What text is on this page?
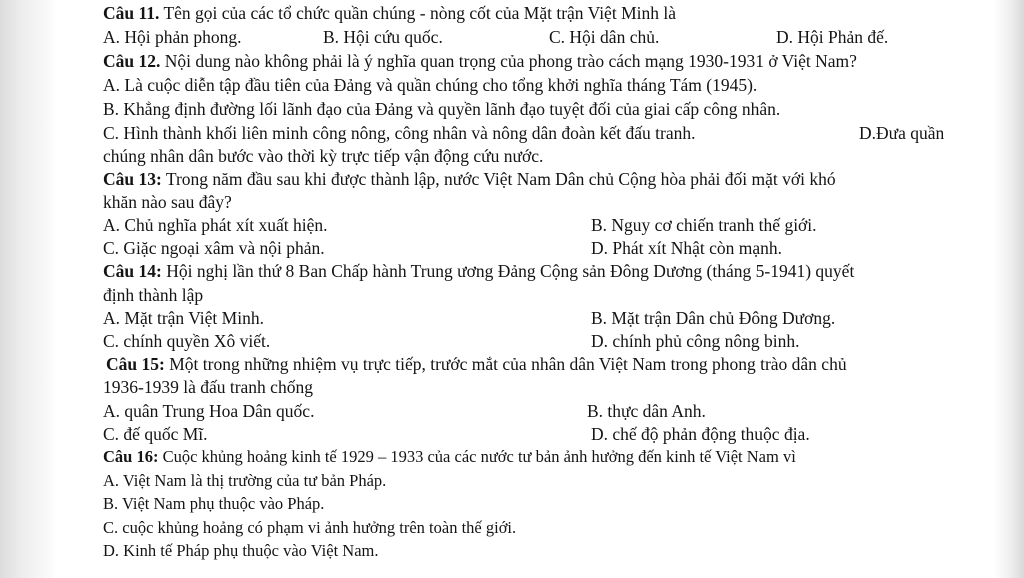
Câu 11. Tên gọi của các tổ chức quần chúng - nòng cốt của Mặt trận Việt Minh là
A. Hội phản phong.	B. Hội cứu quốc.	C. Hội dân chủ.	D. Hội Phản đế.
Câu 12. Nội dung nào không phải là ý nghĩa quan trọng của phong trào cách mạng 1930-1931 ở Việt Nam?
A. Là cuộc diễn tập đầu tiên của Đảng và quần chúng cho tổng khởi nghĩa tháng Tám (1945).
B. Khẳng định đường lối lãnh đạo của Đảng và quyền lãnh đạo tuyệt đối của giai cấp công nhân.
C. Hình thành khối liên minh công nông, công nhân và nông dân đoàn kết đấu tranh.	D.Đưa quần
chúng nhân dân bước vào thời kỳ trực tiếp vận động cứu nước.
Câu 13: Trong năm đầu sau khi được thành lập, nước Việt Nam Dân chủ Cộng hòa phải đối mặt với khó
khăn nào sau đây?
A. Chủ nghĩa phát xít xuất hiện.	B. Nguy cơ chiến tranh thế giới.
C. Giặc ngoại xâm và nội phản.	D. Phát xít Nhật còn mạnh.
Câu 14: Hội nghị lần thứ 8 Ban Chấp hành Trung ương Đảng Cộng sản Đông Dương (tháng 5-1941) quyết
định thành lập
A. Mặt trận Việt Minh.	B. Mặt trận Dân chủ Đông Dương.
C. chính quyền Xô viết.	D. chính phủ công nông binh.
Câu 15: Một trong những nhiệm vụ trực tiếp, trước mắt của nhân dân Việt Nam trong phong trào dân chủ
1936-1939 là đấu tranh chống
A. quân Trung Hoa Dân quốc.	B. thực dân Anh.
C. đế quốc Mĩ.	D. chế độ phản động thuộc địa.
Câu 16: Cuộc khủng hoảng kinh tế 1929 – 1933 của các nước tư bản ảnh hưởng đến kinh tế Việt Nam vì
A. Việt Nam là thị trường của tư bản Pháp.
B. Việt Nam phụ thuộc vào Pháp.
C. cuộc khủng hoảng có phạm vi ảnh hưởng trên toàn thế giới.
D. Kinh tế Pháp phụ thuộc vào Việt Nam.
